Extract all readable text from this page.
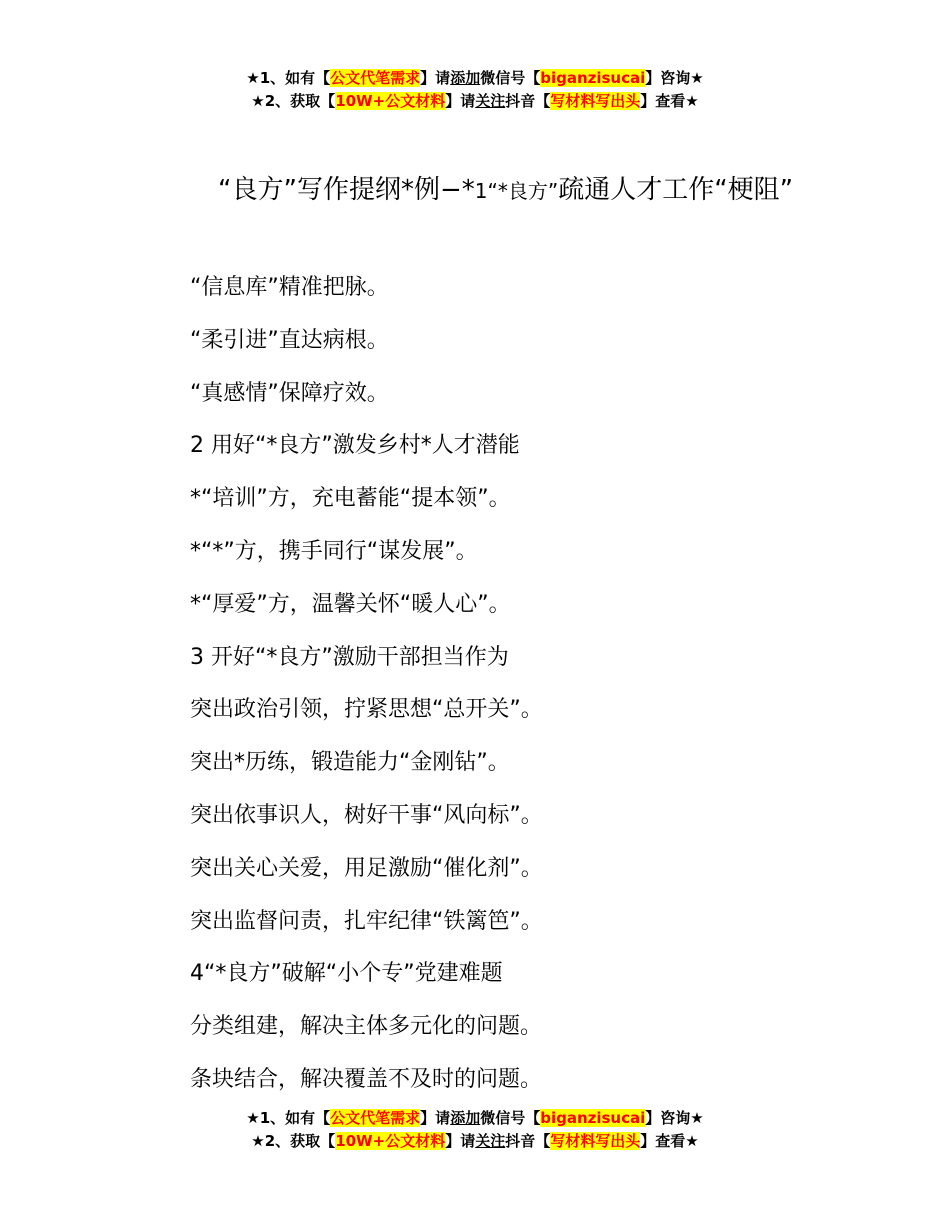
★1、如有【公文代笔需求】请添加微信号【biganzisucai】咨询★
★2、获取【10W+公文材料】请关注抖音【写材料写出头】查看★
“良方”写作提纲*例−*1“*良方”疏通人才工作“梗阻”

“信息库”精准把脉。

“柔引进”直达病根。

“真感情”保障疗效。

2 用好“*良方”激发乡村*人才潜能

*“培训”方，充电蓄能“提本领”。

*“*”方，携手同行“谋发展”。

*“厚爱”方，温馨关怀“暖人心”。

3 开好“*良方”激励干部担当作为

突出政治引领，拧紧思想“总开关”。

突出*历练，锻造能力“金刚钻”。

突出依事识人，树好干事“风向标”。

突出关心关爱，用足激励“催化剂”。

突出监督问责，扎牢纪律“铁篱笆”。

4“*良方”破解“小个专”党建难题

分类组建，解决主体多元化的问题。

条块结合，解决覆盖不及时的问题。

★1、如有【公文代笔需求】请添加微信号【biganzisucai】咨询★
★2、获取【10W+公文材料】请关注抖音【写材料写出头】查看★
